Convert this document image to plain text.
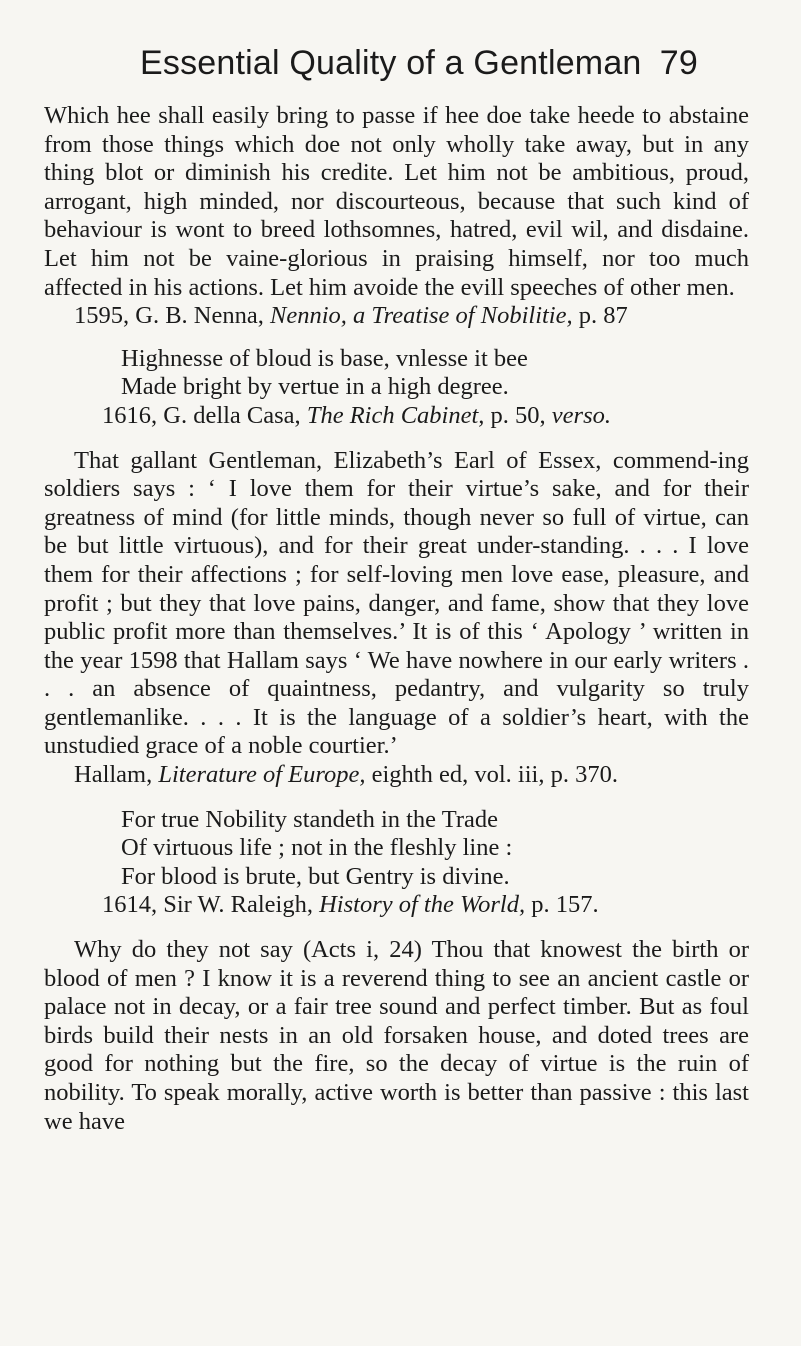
Essential Quality of a Gentleman 79

Which hee shall easily bring to passe if hee doe take heede to abstaine from those things which doe not only wholly take away, but in any thing blot or diminish his credite. Let him not be ambitious, proud, arrogant, high minded, nor discourteous, because that such kind of behaviour is wont to breed lothsomnes, hatred, evil wil, and disdaine. Let him not be vaine-glorious in praising himself, nor too much affected in his actions. Let him avoide the evill speeches of other men.

1595, G. B. Nenna, Nennio, a Treatise of Nobilitie, p. 87

Highnesse of bloud is base, vnlesse it bee
Made bright by vertue in a high degree.

1616, G. della Casa, The Rich Cabinet, p. 50, verso.

That gallant Gentleman, Elizabeth’s Earl of Essex, commend-ing soldiers says : ‘ I love them for their virtue’s sake, and for their greatness of mind (for little minds, though never so full of virtue, can be but little virtuous), and for their great under-standing. . . . I love them for their affections ; for self-loving men love ease, pleasure, and profit ; but they that love pains, danger, and fame, show that they love public profit more than themselves.’ It is of this ‘ Apology ’ written in the year 1598 that Hallam says ‘ We have nowhere in our early writers . . . an absence of quaintness, pedantry, and vulgarity so truly gentlemanlike. . . . It is the language of a soldier’s heart, with the unstudied grace of a noble courtier.’

Hallam, Literature of Europe, eighth ed, vol. iii, p. 370.

For true Nobility standeth in the Trade
Of virtuous life ; not in the fleshly line :
For blood is brute, but Gentry is divine.

1614, Sir W. Raleigh, History of the World, p. 157.

Why do they not say (Acts i, 24) Thou that knowest the birth or blood of men ? I know it is a reverend thing to see an ancient castle or palace not in decay, or a fair tree sound and perfect timber. But as foul birds build their nests in an old forsaken house, and doted trees are good for nothing but the fire, so the decay of virtue is the ruin of nobility. To speak morally, active worth is better than passive : this last we have
